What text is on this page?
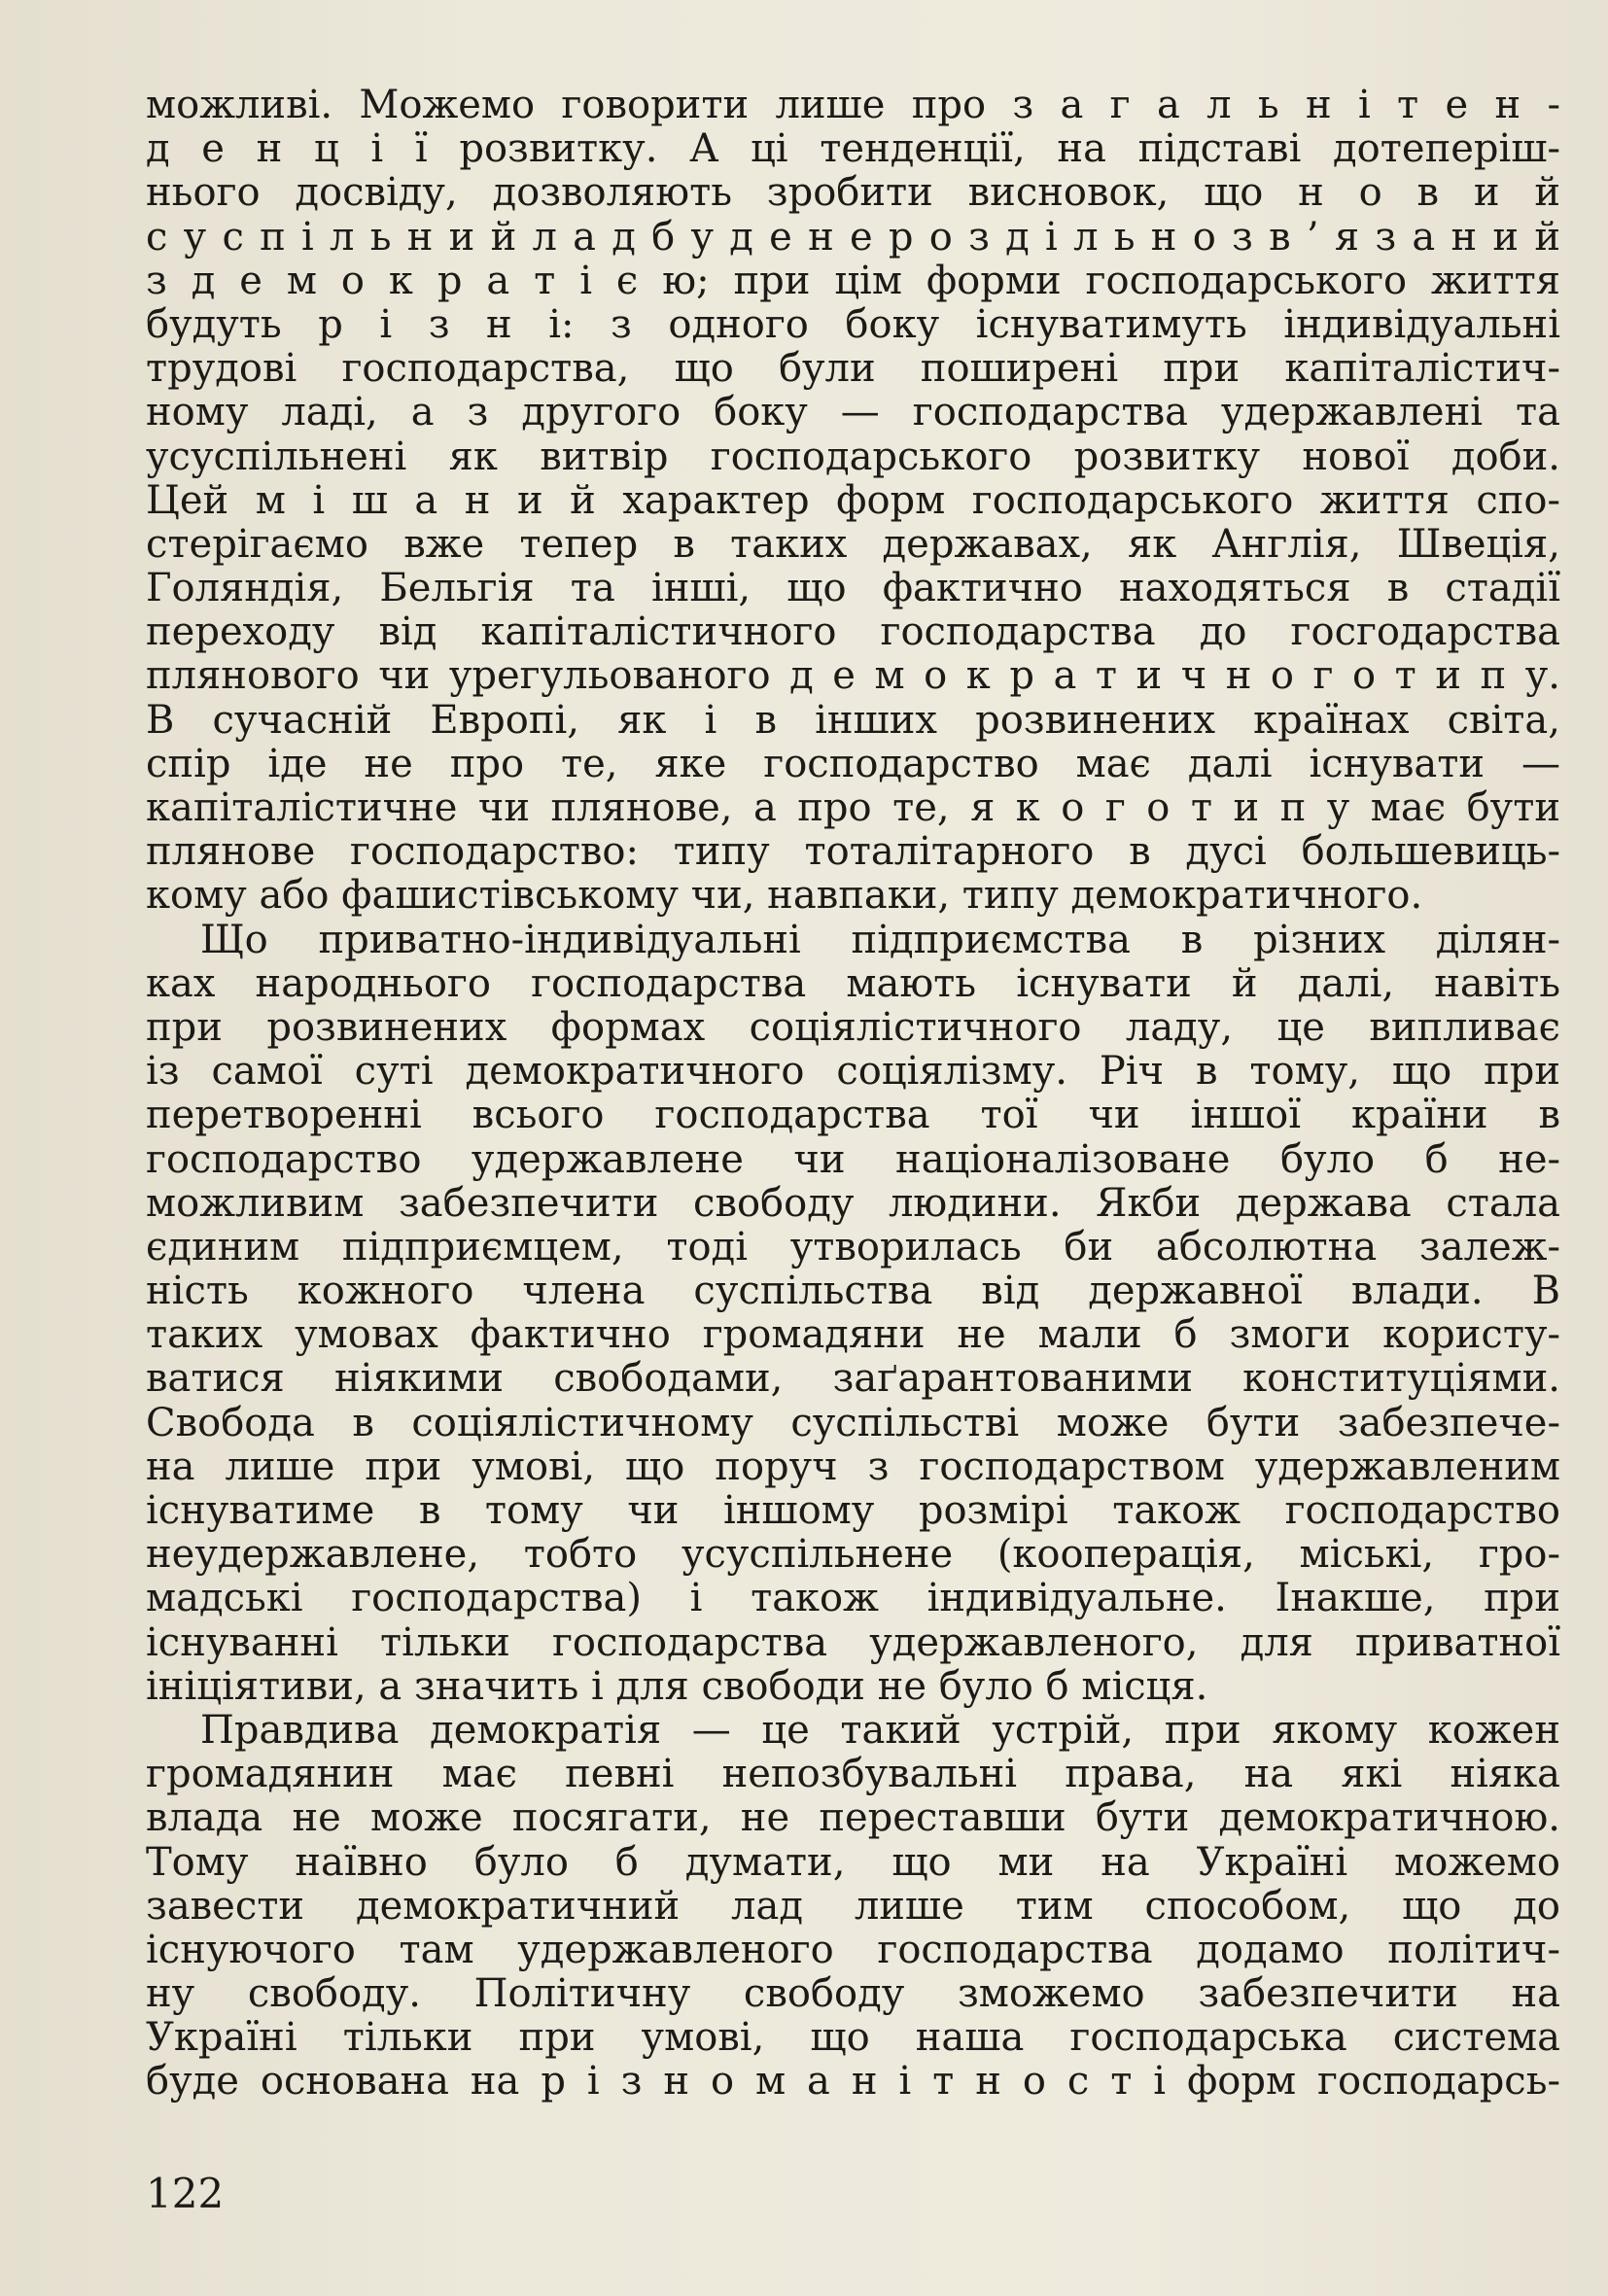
можливі. Можемо говорити лише про з а г а л ь н і т е н -
д е н ц і ї розвитку. А ці тенденції, на підставі дотеперіш-
нього досвіду, дозволяють зробити висновок, що н о в и й
с у с п і л ь н и й л а д б у д е н е р о з д і л ь н о з в ’ я з а н и й
з д е м о к р а т і є ю; при цім форми господарського життя
будуть р і з н і: з одного боку існуватимуть індивідуальні
трудові господарства, що були поширені при капіталістич-
ному ладі, а з другого боку — господарства удержавлені та
усуспільнені як витвір господарського розвитку нової доби.
Цей м і ш а н и й характер форм господарського життя спо-
стерігаємо вже тепер в таких державах, як Англія, Швеція,
Голяндія, Бельгія та інші, що фактично находяться в стадії
переходу від капіталістичного господарства до госгодарства
плянового чи урегульованого д е м о к р а т и ч н о г о т и п у.
В сучасній Европі, як і в інших розвинених країнах світа,
спір іде не про те, яке господарство має далі існувати —
капіталістичне чи плянове, а про те, я к о г о т и п у має бути
плянове господарство: типу тоталітарного в дусі большевиць-
кому або фашистівському чи, навпаки, типу демократичного.
Що приватно-індивідуальні підприємства в різних ділян-
ках народнього господарства мають існувати й далі, навіть
при розвинених формах соціялістичного ладу, це випливає
із самої суті демократичного соціялізму. Річ в тому, що при
перетворенні всього господарства тої чи іншої країни в
господарство удержавлене чи націоналізоване було б не-
можливим забезпечити свободу людини. Якби держава стала
єдиним підприємцем, тоді утворилась би абсолютна залеж-
ність кожного члена суспільства від державної влади. В
таких умовах фактично громадяни не мали б змоги користу-
ватися ніякими свободами, заґарантованими конституціями.
Свобода в соціялістичному суспільстві може бути забезпече-
на лише при умові, що поруч з господарством удержавленим
існуватиме в тому чи іншому розмірі також господарство
неудержавлене, тобто усуспільнене (кооперація, міські, гро-
мадські господарства) і також індивідуальне. Інакше, при
існуванні тільки господарства удержавленого, для приватної
ініціятиви, а значить і для свободи не було б місця.
Правдива демократія — це такий устрій, при якому кожен
громадянин має певні непозбувальні права, на які ніяка
влада не може посягати, не переставши бути демократичною.
Тому наївно було б думати, що ми на Україні можемо
завести демократичний лад лише тим способом, що до
існуючого там удержавленого господарства додамо політич-
ну свободу. Політичну свободу зможемо забезпечити на
Україні тільки при умові, що наша господарська система
буде основана на р і з н о м а н і т н о с т і форм господарсь-
122
